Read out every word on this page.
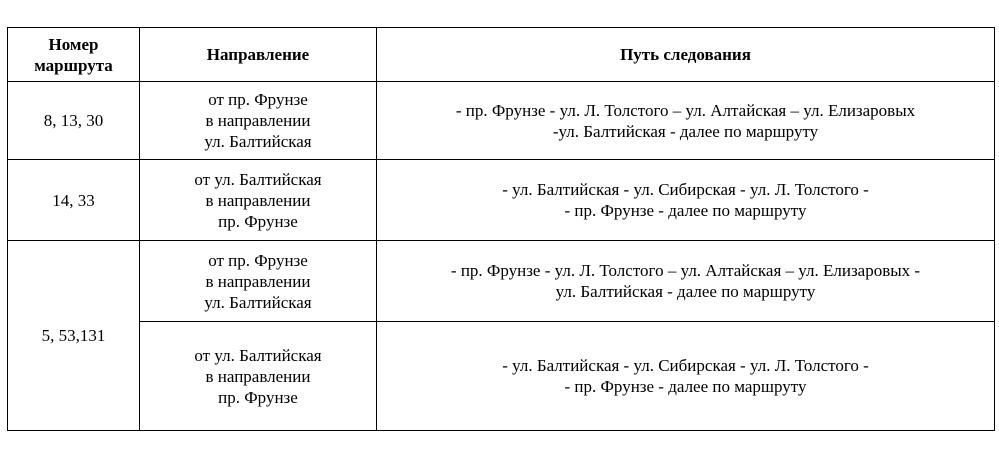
Номер
маршрута	Направление	Путь следования
8, 13, 30	от пр. Фрунзе
в направлении
ул. Балтийская	- пр. Фрунзе - ул. Л. Толстого – ул. Алтайская – ул. Елизаровых
-ул. Балтийская - далее по маршруту

14, 33	от ул. Балтийская
в направлении
пр. Фрунзе	- ул. Балтийская - ул. Сибирская - ул. Л. Толстого -
- пр. Фрунзе - далее по маршруту

5, 53,131	от пр. Фрунзе
в направлении
ул. Балтийская	- пр. Фрунзе - ул. Л. Толстого – ул. Алтайская – ул. Елизаровых -
ул. Балтийская - далее по маршруту

	от ул. Балтийская
в направлении
пр. Фрунзе	- ул. Балтийская - ул. Сибирская - ул. Л. Толстого -
- пр. Фрунзе - далее по маршруту
